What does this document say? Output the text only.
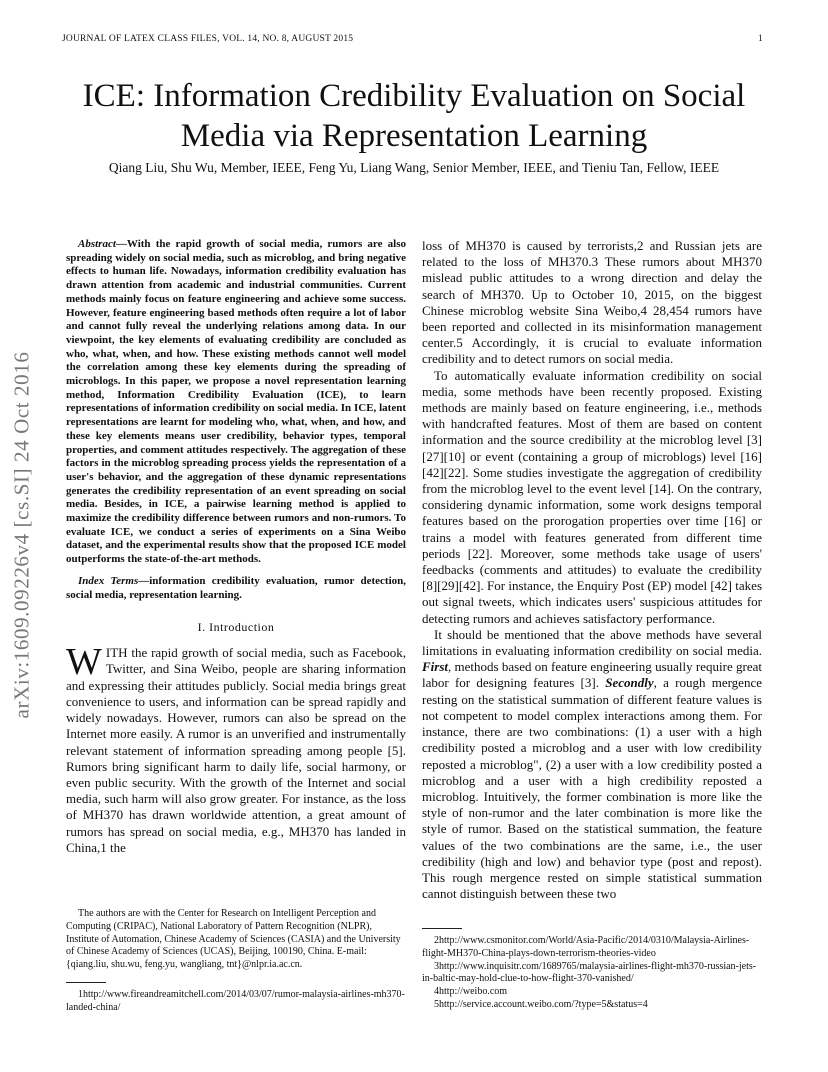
JOURNAL OF LATEX CLASS FILES, VOL. 14, NO. 8, AUGUST 2015	1
arXiv:1609.09226v4 [cs.SI] 24 Oct 2016
ICE: Information Credibility Evaluation on Social Media via Representation Learning
Qiang Liu, Shu Wu, Member, IEEE, Feng Yu, Liang Wang, Senior Member, IEEE, and Tieniu Tan, Fellow, IEEE

Abstract—With the rapid growth of social media, rumors are also spreading widely on social media, such as microblog, and bring negative effects to human life. Nowadays, information credibility evaluation has drawn attention from academic and industrial communities. Current methods mainly focus on feature engineering and achieve some success. However, feature engineering based methods often require a lot of labor and cannot fully reveal the underlying relations among data. In our viewpoint, the key elements of evaluating credibility are concluded as who, what, when, and how. These existing methods cannot well model the correlation among these key elements during the spreading of microblogs. In this paper, we propose a novel representation learning method, Information Credibility Evaluation (ICE), to learn representations of information credibility on social media. In ICE, latent representations are learnt for modeling who, what, when, and how, and these key elements means user credibility, behavior types, temporal properties, and comment attitudes respectively. The aggregation of these factors in the microblog spreading process yields the representation of a user's behavior, and the aggregation of these dynamic representations generates the credibility representation of an event spreading on social media. Besides, in ICE, a pairwise learning method is applied to maximize the credibility difference between rumors and non-rumors. To evaluate ICE, we conduct a series of experiments on a Sina Weibo dataset, and the experimental results show that the proposed ICE model outperforms the state-of-the-art methods.

Index Terms—information credibility evaluation, rumor detection, social media, representation learning.

I. Introduction

WITH the rapid growth of social media, such as Facebook, Twitter, and Sina Weibo, people are sharing information and expressing their attitudes publicly. Social media brings great convenience to users, and information can be spread rapidly and widely nowadays. However, rumors can also be spread on the Internet more easily. A rumor is an unverified and instrumentally relevant statement of information spreading among people [5]. Rumors bring significant harm to daily life, social harmony, or even public security. With the growth of the Internet and social media, such harm will also grow greater. For instance, as the loss of MH370 has drawn worldwide attention, a great amount of rumors has spread on social media, e.g., MH370 has landed in China,1 the

The authors are with the Center for Research on Intelligent Perception and Computing (CRIPAC), National Laboratory of Pattern Recognition (NLPR), Institute of Automation, Chinese Academy of Sciences (CASIA) and the University of Chinese Academy of Sciences (UCAS), Beijing, 100190, China. E-mail: {qiang.liu, shu.wu, feng.yu, wangliang, tnt}@nlpr.ia.ac.cn.
1http://www.fireandreamitchell.com/2014/03/07/rumor-malaysia-airlines-mh370-landed-china/

loss of MH370 is caused by terrorists,2 and Russian jets are related to the loss of MH370.3 These rumors about MH370 mislead public attitudes to a wrong direction and delay the search of MH370. Up to October 10, 2015, on the biggest Chinese microblog website Sina Weibo,4 28,454 rumors have been reported and collected in its misinformation management center.5 Accordingly, it is crucial to evaluate information credibility and to detect rumors on social media.

To automatically evaluate information credibility on social media, some methods have been recently proposed. Existing methods are mainly based on feature engineering, i.e., methods with handcrafted features. Most of them are based on content information and the source credibility at the microblog level [3][27][10] or event (containing a group of microblogs) level [16][42][22]. Some studies investigate the aggregation of credibility from the microblog level to the event level [14]. On the contrary, considering dynamic information, some work designs temporal features based on the prorogation properties over time [16] or trains a model with features generated from different time periods [22]. Moreover, some methods take usage of users' feedbacks (comments and attitudes) to evaluate the credibility [8][29][42]. For instance, the Enquiry Post (EP) model [42] takes out signal tweets, which indicates users' suspicious attitudes for detecting rumors and achieves satisfactory performance.

It should be mentioned that the above methods have several limitations in evaluating information credibility on social media. First, methods based on feature engineering usually require great labor for designing features [3]. Secondly, a rough mergence resting on the statistical summation of different feature values is not competent to model complex interactions among them. For instance, there are two combinations: (1) a user with a high credibility posted a microblog and a user with low credibility reposted a microblog", (2) a user with a low credibility posted a microblog and a user with a high credibility reposted a microblog. Intuitively, the former combination is more like the style of non-rumor and the later combination is more like the style of rumor. Based on the statistical summation, the feature values of the two combinations are the same, i.e., the user credibility (high and low) and behavior type (post and repost). This rough mergence rested on simple statistical summation cannot distinguish between these two

2http://www.csmonitor.com/World/Asia-Pacific/2014/0310/Malaysia-Airlines-flight-MH370-China-plays-down-terrorism-theories-video
3http://www.inquisitr.com/1689765/malaysia-airlines-flight-mh370-russian-jets-in-baltic-may-hold-clue-to-how-flight-370-vanished/
4http://weibo.com
5http://service.account.weibo.com/?type=5&status=4
